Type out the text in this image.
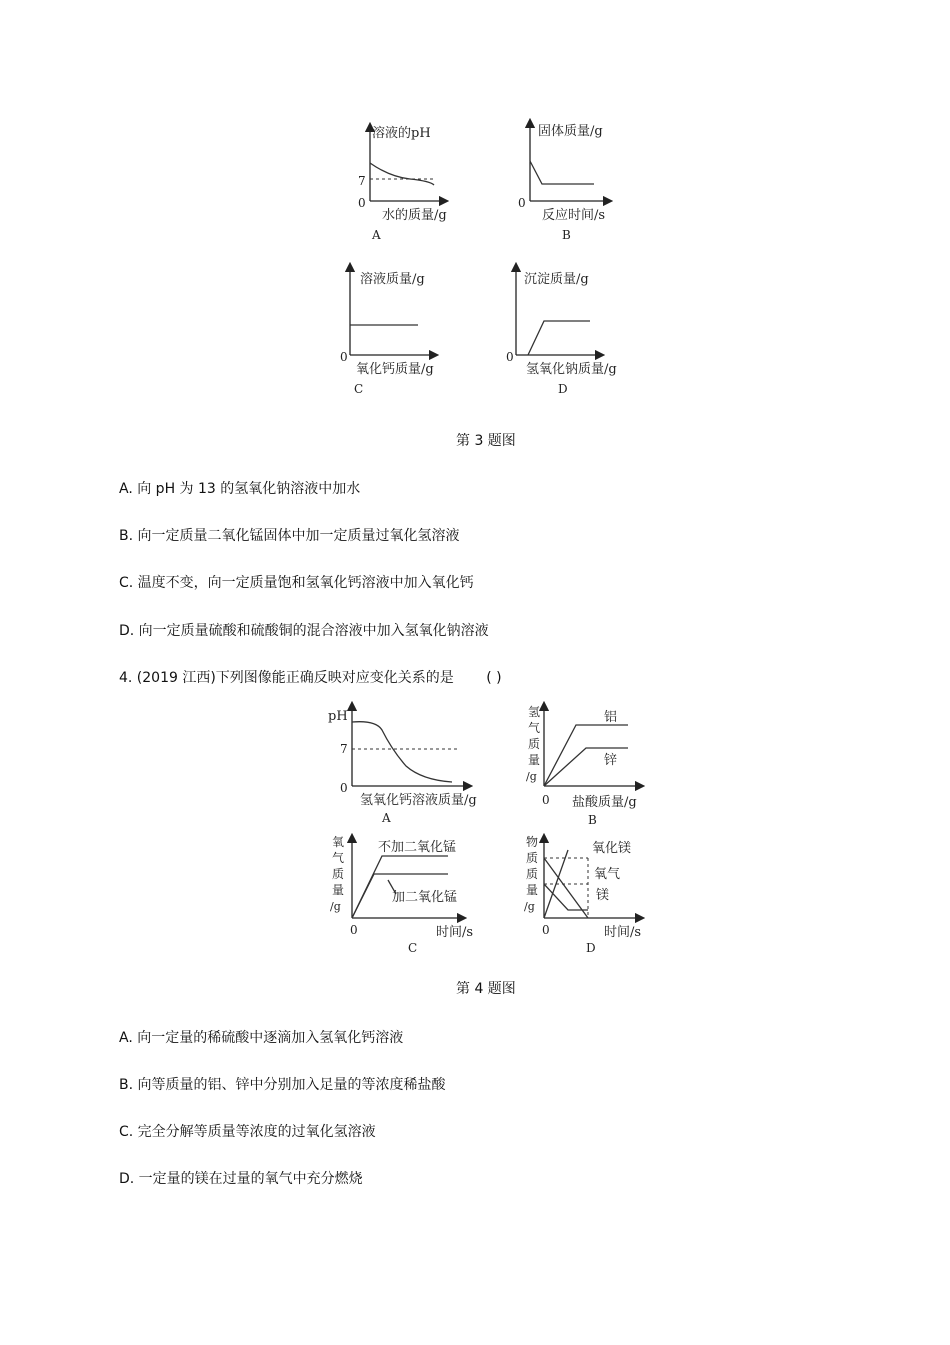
溶液的pH
7
0
水的质量/g
A
固体质量/g
0
反应时间/s
B
溶液质量/g
0
氧化钙质量/g
C
沉淀质量/g
0
氢氧化钠质量/g
D
第 3 题图
A. 向 pH 为 13 的氢氧化钠溶液中加水
B. 向一定质量二氧化锰固体中加一定质量过氧化氢溶液
C. 温度不变，向一定质量饱和氢氧化钙溶液中加入氧化钙
D. 向一定质量硫酸和硫酸铜的混合溶液中加入氢氧化钠溶液
4. (2019 江西)下列图像能正确反映对应变化关系的是 ( )
pH
7
0
氢氧化钙溶液质量/g
A
氢
气
质
量
/g
0
铝
锌
盐酸质量/g
B
氧
气
质
量
/g
0
不加二氧化锰
加二氧化锰
时间/s
C
物
质
质
量
/g
氧化镁
氧气
镁
0	时间/s
D
第 4 题图
A. 向一定量的稀硫酸中逐滴加入氢氧化钙溶液
B. 向等质量的铝、锌中分别加入足量的等浓度稀盐酸
C. 完全分解等质量等浓度的过氧化氢溶液
D. 一定量的镁在过量的氧气中充分燃烧
